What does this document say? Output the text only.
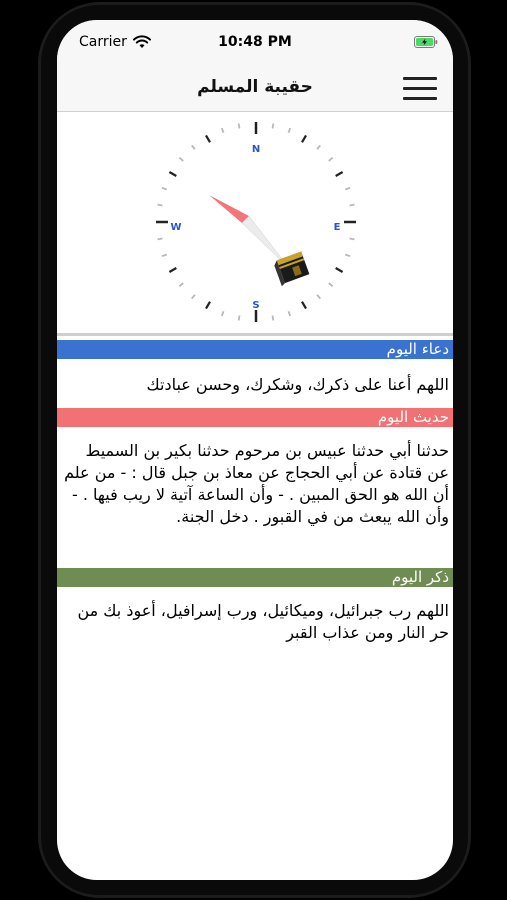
Carrier	10:48 PM
حقيبة المسلم
N
E
S
W
دعاء اليوم
اللهم أعنا على ذكرك، وشكرك، وحسن عبادتك
حديث اليوم
حدثنا أبي حدثنا عبيس بن مرحوم حدثنا بكير بن السميط عن قتادة عن أبي الحجاج عن معاذ بن جبل قال : - من علم أن الله هو الحق المبين . - وأن الساعة آتية لا ريب فيها . - وأن الله يبعث من في القبور . دخل الجنة.
ذكر اليوم
اللهم رب جبرائيل، وميكائيل، ورب إسرافيل، أعوذ بك من حر النار ومن عذاب القبر
